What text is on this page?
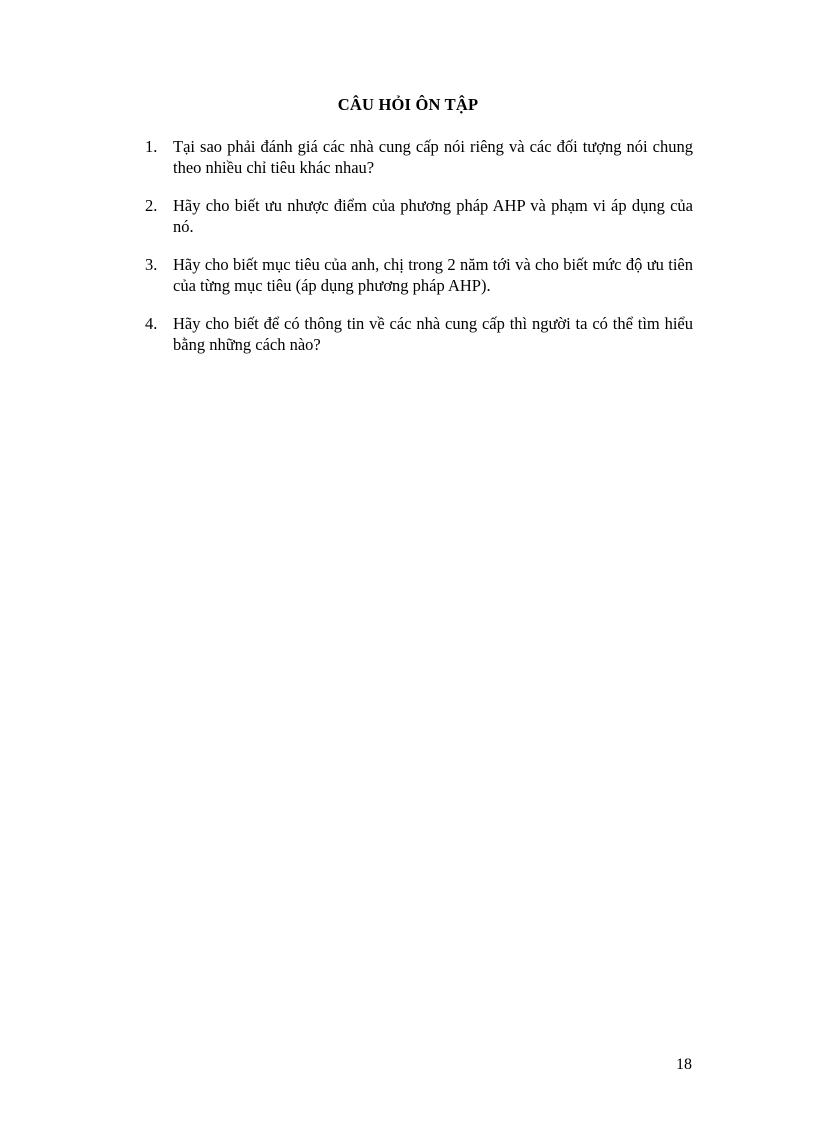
CÂU HỎI ÔN TẬP
1. Tại sao phải đánh giá các nhà cung cấp nói riêng và các đối tượng nói chung theo nhiều chỉ tiêu khác nhau?
2. Hãy cho biết ưu nhược điểm của phương pháp AHP và phạm vi áp dụng của nó.
3. Hãy cho biết mục tiêu của anh, chị trong 2 năm tới và cho biết mức độ ưu tiên của từng mục tiêu (áp dụng phương pháp AHP).
4. Hãy cho biết để có thông tin về các nhà cung cấp thì người ta có thể tìm hiểu bằng những cách nào?
18
